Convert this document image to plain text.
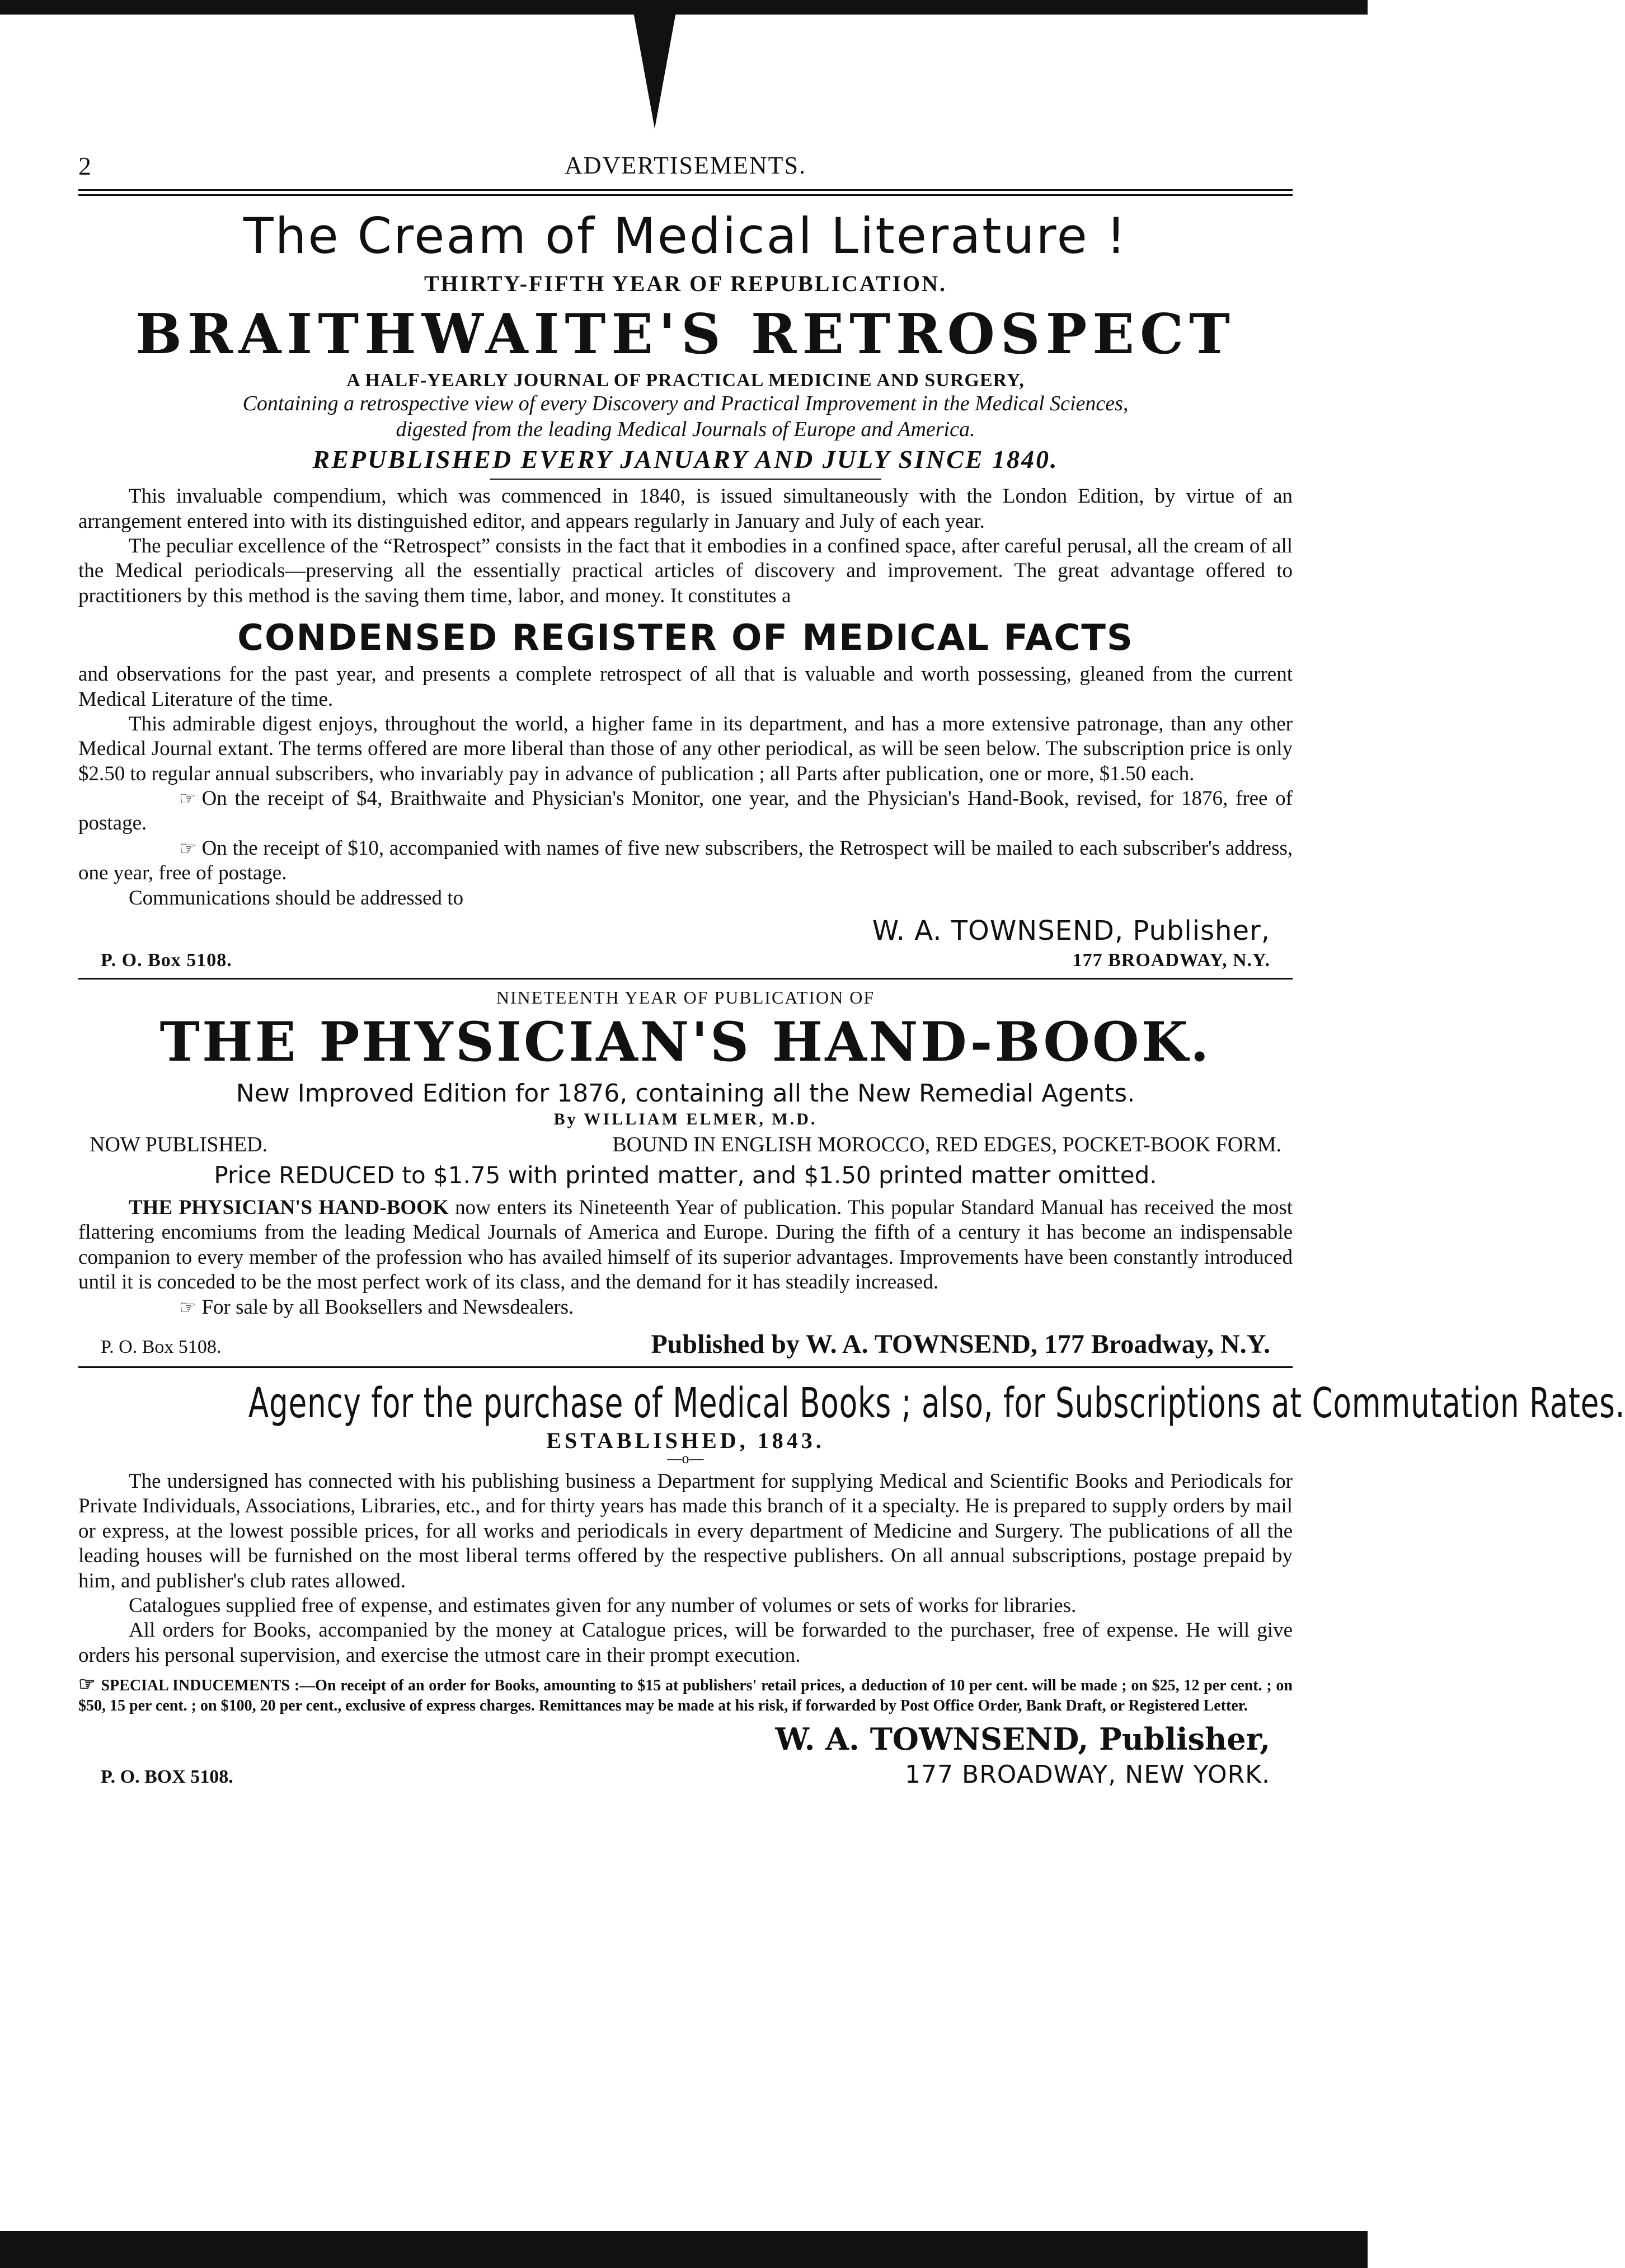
2	ADVERTISEMENTS.
The Cream of Medical Literature !
THIRTY-FIFTH YEAR OF REPUBLICATION.
BRAITHWAITE'S RETROSPECT
A HALF-YEARLY JOURNAL OF PRACTICAL MEDICINE AND SURGERY,
Containing a retrospective view of every Discovery and Practical Improvement in the Medical Sciences,
digested from the leading Medical Journals of Europe and America.
REPUBLISHED EVERY JANUARY AND JULY SINCE 1840.

This invaluable compendium, which was commenced in 1840, is issued simultaneously with the London Edition, by virtue of an arrangement entered into with its distinguished editor, and appears regularly in January and July of each year.

The peculiar excellence of the “Retrospect” consists in the fact that it embodies in a confined space, after careful perusal, all the cream of all the Medical periodicals—preserving all the essentially practical articles of discovery and improvement. The great advantage offered to practitioners by this method is the saving them time, labor, and money. It constitutes a

CONDENSED REGISTER OF MEDICAL FACTS

and observations for the past year, and presents a complete retrospect of all that is valuable and worth possessing, gleaned from the current Medical Literature of the time.

This admirable digest enjoys, throughout the world, a higher fame in its department, and has a more extensive patronage, than any other Medical Journal extant. The terms offered are more liberal than those of any other periodical, as will be seen below. The subscription price is only $2.50 to regular annual subscribers, who invariably pay in advance of publication ; all Parts after publication, one or more, $1.50 each.

☞ On the receipt of $4, Braithwaite and Physician's Monitor, one year, and the Physician's Hand-Book, revised, for 1876, free of postage.

☞ On the receipt of $10, accompanied with names of five new subscribers, the Retrospect will be mailed to each subscriber's address, one year, free of postage.

Communications should be addressed to

W. A. TOWNSEND, Publisher,
P. O. Box 5108.	177 BROADWAY, N.Y.
NINETEENTH YEAR OF PUBLICATION OF
THE PHYSICIAN'S HAND-BOOK.
New Improved Edition for 1876, containing all the New Remedial Agents.
By WILLIAM ELMER, M.D.
NOW PUBLISHED.	BOUND IN ENGLISH MOROCCO, RED EDGES, POCKET-BOOK FORM.
Price REDUCED to $1.75 with printed matter, and $1.50 printed matter omitted.

THE PHYSICIAN'S HAND-BOOK now enters its Nineteenth Year of publication. This popular Standard Manual has received the most flattering encomiums from the leading Medical Journals of America and Europe. During the fifth of a century it has become an indispensable companion to every member of the profession who has availed himself of its superior advantages. Improvements have been constantly introduced until it is conceded to be the most perfect work of its class, and the demand for it has steadily increased.

☞ For sale by all Booksellers and Newsdealers.

P. O. Box 5108.	Published by W. A. TOWNSEND, 177 Broadway, N.Y.
Agency for the purchase of Medical Books ; also, for Subscriptions at Commutation Rates.
ESTABLISHED, 1843.
—o—

The undersigned has connected with his publishing business a Department for supplying Medical and Scientific Books and Periodicals for Private Individuals, Associations, Libraries, etc., and for thirty years has made this branch of it a specialty. He is prepared to supply orders by mail or express, at the lowest possible prices, for all works and periodicals in every department of Medicine and Surgery. The publications of all the leading houses will be furnished on the most liberal terms offered by the respective publishers. On all annual subscriptions, postage prepaid by him, and publisher's club rates allowed.

Catalogues supplied free of expense, and estimates given for any number of volumes or sets of works for libraries.

All orders for Books, accompanied by the money at Catalogue prices, will be forwarded to the purchaser, free of expense. He will give orders his personal supervision, and exercise the utmost care in their prompt execution.

☞ SPECIAL INDUCEMENTS :—On receipt of an order for Books, amounting to $15 at publishers' retail prices, a deduction of 10 per cent. will be made ; on $25, 12 per cent. ; on $50, 15 per cent. ; on $100, 20 per cent., exclusive of express charges. Remittances may be made at his risk, if forwarded by Post Office Order, Bank Draft, or Registered Letter.

W. A. TOWNSEND, Publisher,
P. O. BOX 5108.	177 BROADWAY, NEW YORK.
